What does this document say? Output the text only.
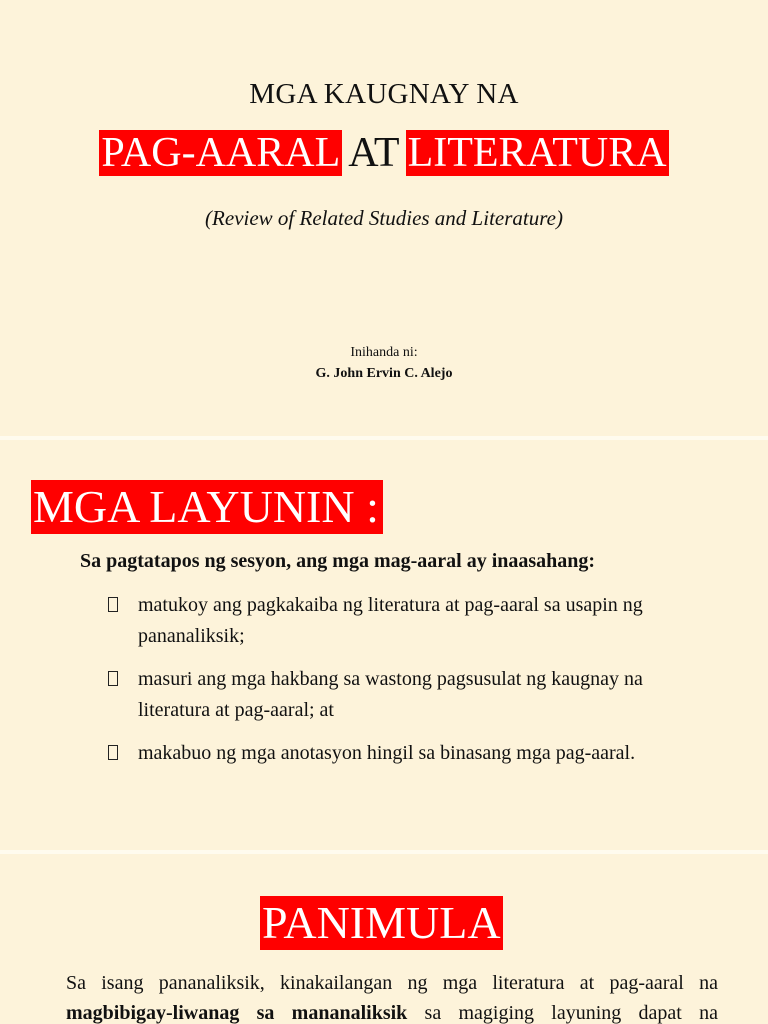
MGA KAUGNAY NA
PAG-AARAL AT LITERATURA
(Review of Related Studies and Literature)
Inihanda ni:
G. John Ervin C. Alejo
MGA LAYUNIN :
Sa pagtatapos ng sesyon, ang mga mag-aaral ay inaasahang:
matukoy ang pagkakaiba ng literatura at pag-aaral sa usapin ng pananaliksik;
masuri ang mga hakbang sa wastong pagsusulat ng kaugnay na literatura at pag-aaral; at
makabuo ng mga anotasyon hingil sa binasang mga pag-aaral.
PANIMULA
Sa isang pananaliksik, kinakailangan ng mga literatura at pag-aaral na magbibigay-liwanag sa mananaliksik sa magiging layuning dapat na
